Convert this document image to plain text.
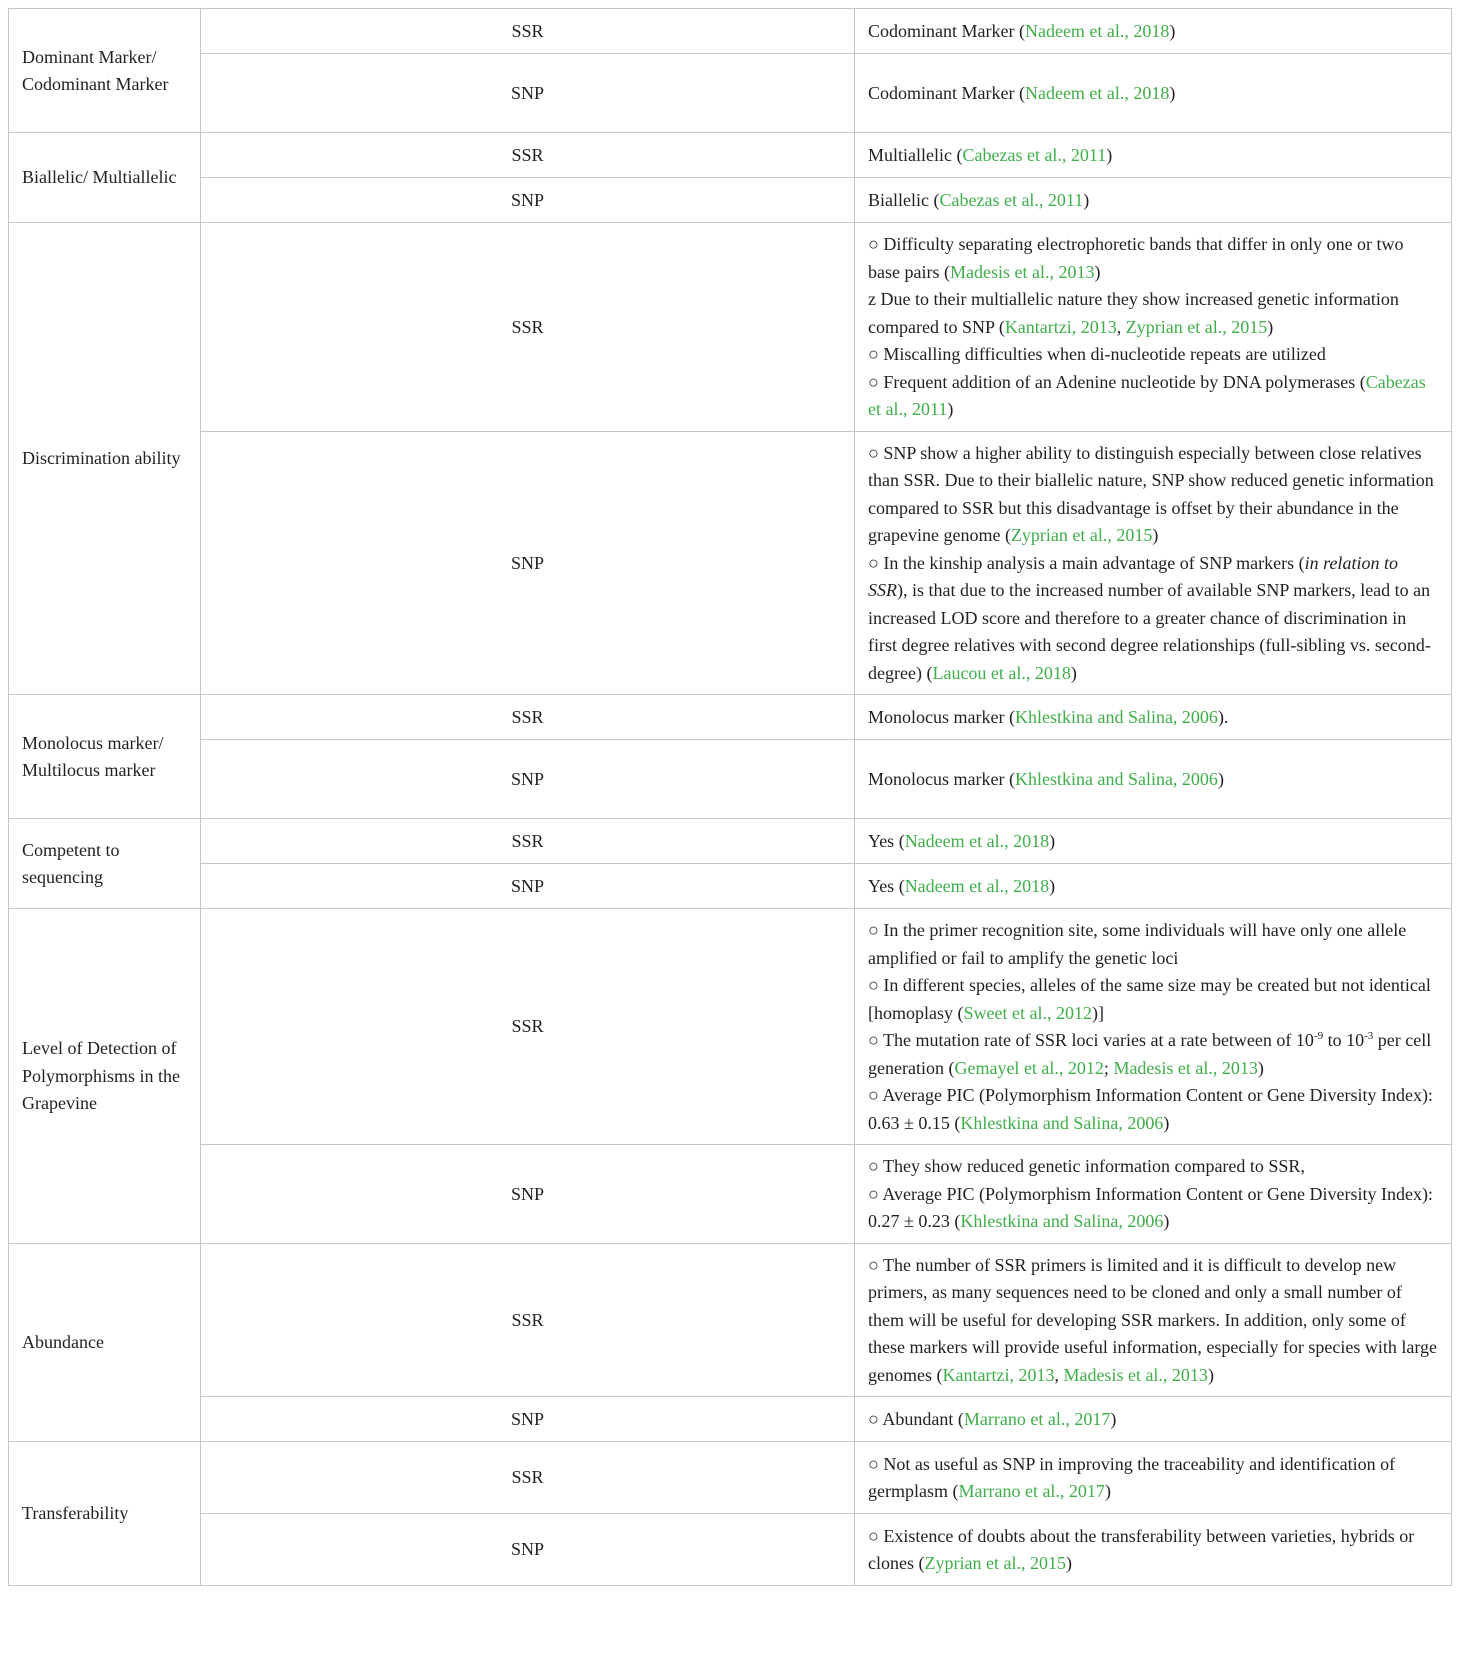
Dominant Marker/ Codominant Marker	SSR	Codominant Marker (Nadeem et al., 2018)

	SNP	Codominant Marker (Nadeem et al., 2018)

Biallelic/ Multiallelic	SSR	Multiallelic (Cabezas et al., 2011)

	SNP	Biallelic (Cabezas et al., 2011)

Discrimination ability	SSR	○ Difficulty separating electrophoretic bands that differ in only one or two base pairs (Madesis et al., 2013)
z Due to their multiallelic nature they show increased genetic information compared to SNP (Kantartzi, 2013, Zyprian et al., 2015)
○ Miscalling difficulties when di-nucleotide repeats are utilized
○ Frequent addition of an Adenine nucleotide by DNA polymerases (Cabezas et al., 2011)

	SNP	○ SNP show a higher ability to distinguish especially between close relatives than SSR. Due to their biallelic nature, SNP show reduced genetic information compared to SSR but this disadvantage is offset by their abundance in the grapevine genome (Zyprian et al., 2015)
○ In the kinship analysis a main advantage of SNP markers (in relation to SSR), is that due to the increased number of available SNP markers, lead to an increased LOD score and therefore to a greater chance of discrimination in first degree relatives with second degree relationships (full-sibling vs. second-degree) (Laucou et al., 2018)

Monolocus marker/ Multilocus marker	SSR	Monolocus marker (Khlestkina and Salina, 2006).

	SNP	Monolocus marker (Khlestkina and Salina, 2006)

Competent to sequencing	SSR	Yes (Nadeem et al., 2018)

	SNP	Yes (Nadeem et al., 2018)

Level of Detection of Polymorphisms in the Grapevine	SSR	○ In the primer recognition site, some individuals will have only one allele amplified or fail to amplify the genetic loci
○ In different species, alleles of the same size may be created but not identical [homoplasy (Sweet et al., 2012)]
○ The mutation rate of SSR loci varies at a rate between of $10^{-9}$ to $10^{-3}$ per cell generation (Gemayel et al., 2012; Madesis et al., 2013)
○ Average PIC (Polymorphism Information Content or Gene Diversity Index): 0.63 ± 0.15 (Khlestkina and Salina, 2006)

	SNP	○ They show reduced genetic information compared to SSR,
○ Average PIC (Polymorphism Information Content or Gene Diversity Index): 0.27 ± 0.23 (Khlestkina and Salina, 2006)

Abundance	SSR	○ The number of SSR primers is limited and it is difficult to develop new primers, as many sequences need to be cloned and only a small number of them will be useful for developing SSR markers. In addition, only some of these markers will provide useful information, especially for species with large genomes (Kantartzi, 2013, Madesis et al., 2013)

	SNP	○ Abundant (Marrano et al., 2017)

Transferability	SSR	○ Not as useful as SNP in improving the traceability and identification of germplasm (Marrano et al., 2017)

	SNP	○ Existence of doubts about the transferability between varieties, hybrids or clones (Zyprian et al., 2015)
